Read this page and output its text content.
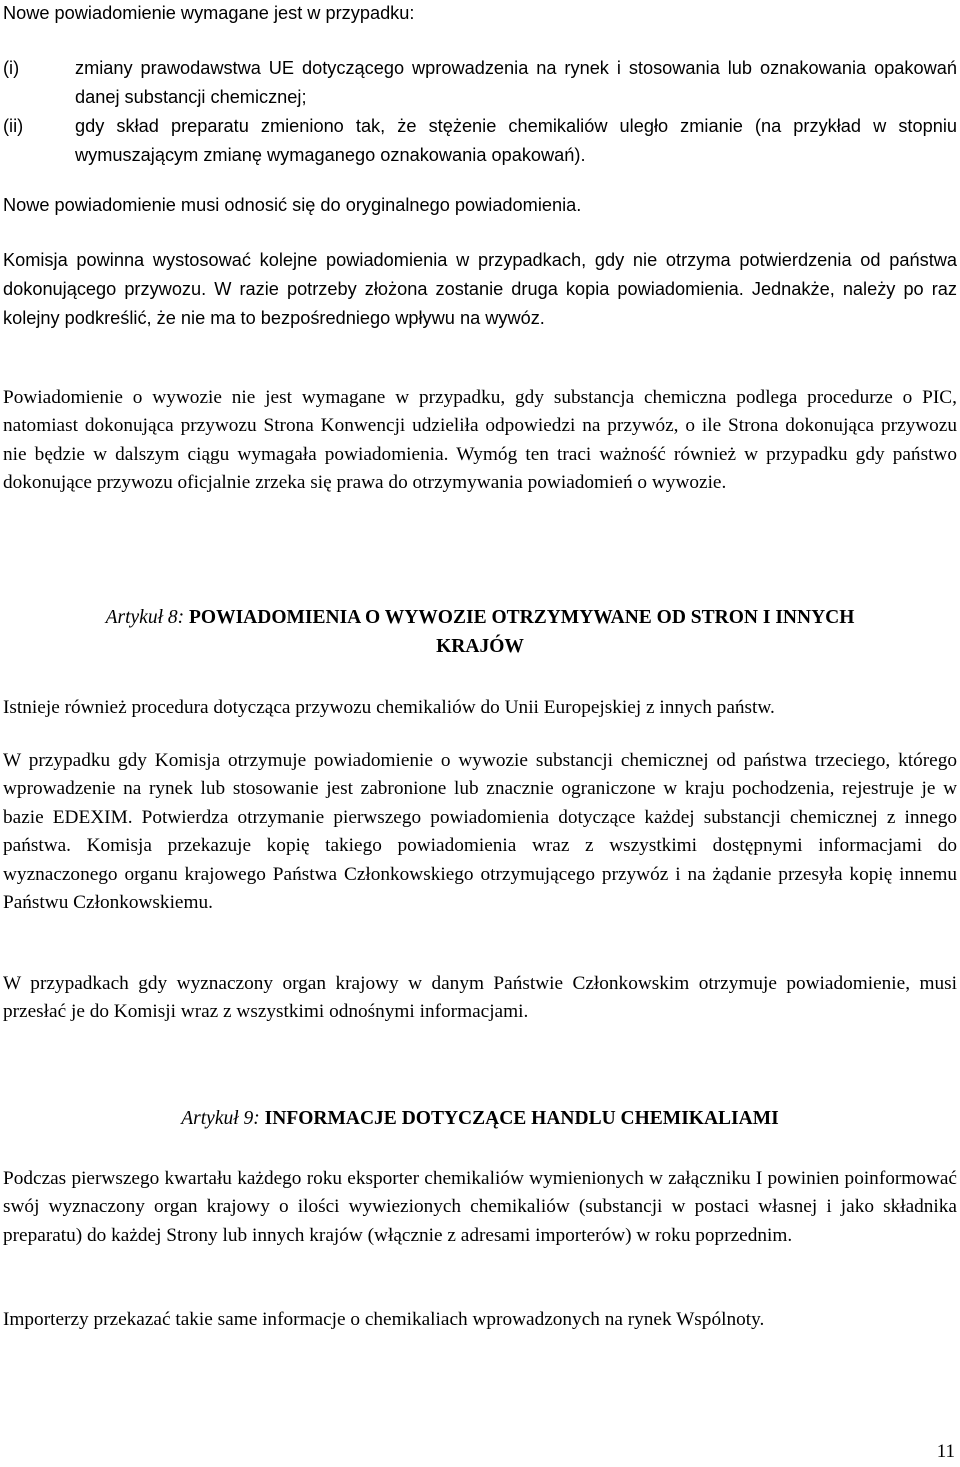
Nowe powiadomienie wymagane jest w przypadku:

(i)	zmiany prawodawstwa UE dotyczącego wprowadzenia na rynek i stosowania lub oznakowania opakowań danej substancji chemicznej;
(ii)	gdy skład preparatu zmieniono tak, że stężenie chemikaliów uległo zmianie (na przykład w stopniu wymuszającym zmianę wymaganego oznakowania opakowań).

Nowe powiadomienie musi odnosić się do oryginalnego powiadomienia.

Komisja powinna wystosować kolejne powiadomienia w przypadkach, gdy nie otrzyma potwierdzenia od państwa dokonującego przywozu. W razie potrzeby złożona zostanie druga kopia powiadomienia. Jednakże, należy po raz kolejny podkreślić, że nie ma to bezpośredniego wpływu na wywóz.

Powiadomienie o wywozie nie jest wymagane w przypadku, gdy substancja chemiczna podlega procedurze o PIC, natomiast dokonująca przywozu Strona Konwencji udzieliła odpowiedzi na przywóz, o ile Strona dokonująca przywozu nie będzie w dalszym ciągu wymagała powiadomienia. Wymóg ten traci ważność również w przypadku gdy państwo dokonujące przywozu oficjalnie zrzeka się prawa do otrzymywania powiadomień o wywozie.

Artykuł 8: POWIADOMIENIA O WYWOZIE OTRZYMYWANE OD STRON I INNYCH
KRAJÓW

Istnieje również procedura dotycząca przywozu chemikaliów do Unii Europejskiej z innych państw.

W przypadku gdy Komisja otrzymuje powiadomienie o wywozie substancji chemicznej od państwa trzeciego, którego wprowadzenie na rynek lub stosowanie jest zabronione lub znacznie ograniczone w kraju pochodzenia, rejestruje je w bazie EDEXIM. Potwierdza otrzymanie pierwszego powiadomienia dotyczące każdej substancji chemicznej z innego państwa. Komisja przekazuje kopię takiego powiadomienia wraz z wszystkimi dostępnymi informacjami do wyznaczonego organu krajowego Państwa Członkowskiego otrzymującego przywóz i na żądanie przesyła kopię innemu Państwu Członkowskiemu.

W przypadkach gdy wyznaczony organ krajowy w danym Państwie Członkowskim otrzymuje powiadomienie, musi przesłać je do Komisji wraz z wszystkimi odnośnymi informacjami.

Artykuł 9: INFORMACJE DOTYCZĄCE HANDLU CHEMIKALIAMI

Podczas pierwszego kwartału każdego roku eksporter chemikaliów wymienionych w załączniku I powinien poinformować swój wyznaczony organ krajowy o ilości wywiezionych chemikaliów (substancji w postaci własnej i jako składnika preparatu) do każdej Strony lub innych krajów (włącznie z adresami importerów) w roku poprzednim.

Importerzy przekazać takie same informacje o chemikaliach wprowadzonych na rynek Wspólnoty.

11
